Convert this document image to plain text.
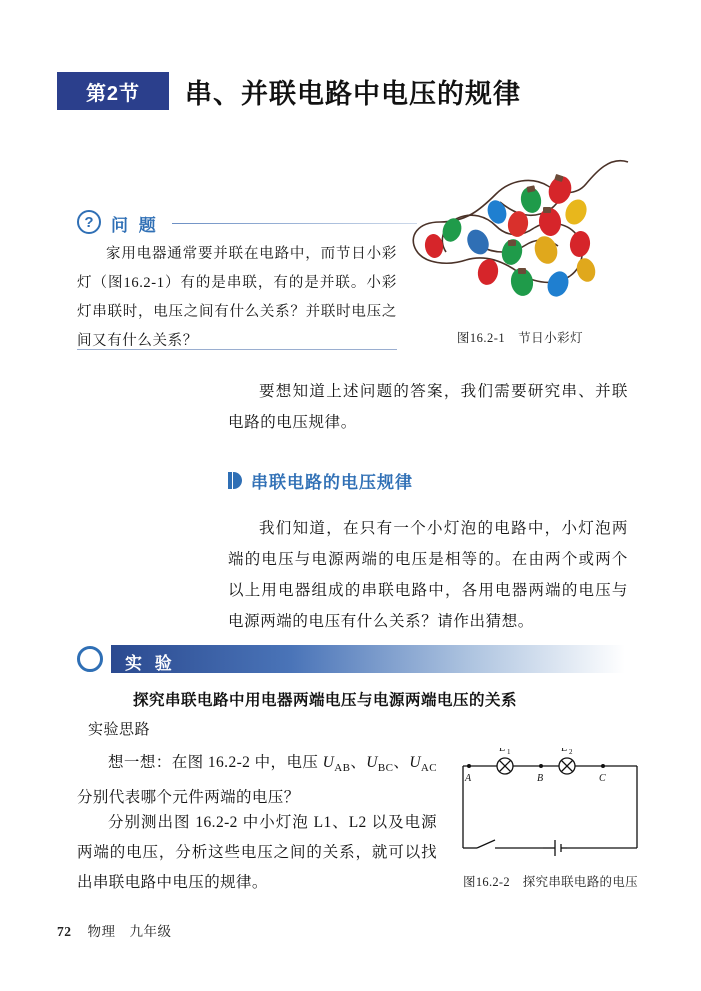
第2节	串、并联电路中电压的规律
?	问 题
家用电器通常要并联在电路中，而节日小彩灯（图16.2-1）有的是串联，有的是并联。小彩灯串联时，电压之间有什么关系？并联时电压之间又有什么关系？	图16.2-1　节日小彩灯
要想知道上述问题的答案，我们需要研究串、并联电路的电压规律。
串联电路的电压规律
我们知道，在只有一个小灯泡的电路中，小灯泡两端的电压与电源两端的电压是相等的。在由两个或两个以上用电器组成的串联电路中，各用电器两端的电压与电源两端的电压有什么关系？请作出猜想。
实 验
探究串联电路中用电器两端电压与电源两端电压的关系
实验思路
想一想：在图 16.2-2 中，电压 $U_{AB}$、$U_{BC}$、$U_{AC}$分别代表哪个元件两端的电压？
分别测出图 16.2-2 中小灯泡 L1、L2 以及电源两端的电压，分析这些电压之间的关系，就可以找出串联电路中电压的规律。
L 1	L 2
A	B	C
图16.2-2　探究串联电路的电压
72 物理　九年级
